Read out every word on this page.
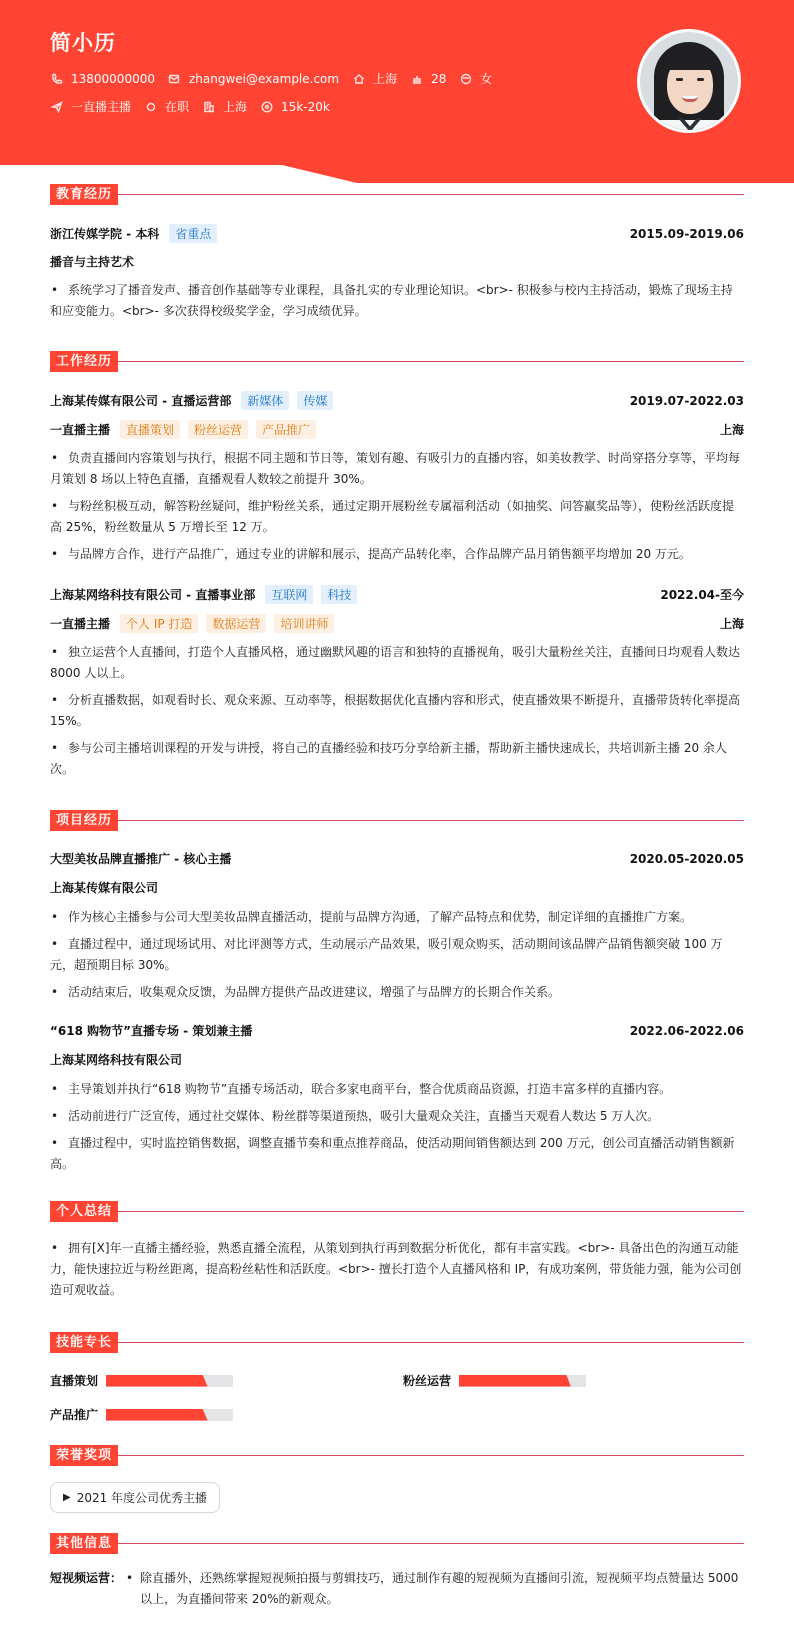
简小历
13800000000	zhangwei@example.com	上海	28	女
一直播主播	在职	上海	15k-20k
教育经历
浙江传媒学院 - 本科	省重点	2015.09-2019.06
播音与主持艺术
• 系统学习了播音发声、播音创作基础等专业课程，具备扎实的专业理论知识。<br>- 积极参与校内主持活动，锻炼了现场主持和应变能力。<br>- 多次获得校级奖学金，学习成绩优异。
工作经历
上海某传媒有限公司 - 直播运营部	新媒体	传媒	2019.07-2022.03
一直播主播	直播策划	粉丝运营	产品推广	上海
• 负责直播间内容策划与执行，根据不同主题和节日等，策划有趣、有吸引力的直播内容，如美妆教学、时尚穿搭分享等，平均每月策划 8 场以上特色直播，直播观看人数较之前提升 30%。
• 与粉丝积极互动，解答粉丝疑问，维护粉丝关系，通过定期开展粉丝专属福利活动（如抽奖、问答赢奖品等），使粉丝活跃度提高 25%，粉丝数量从 5 万增长至 12 万。
• 与品牌方合作，进行产品推广，通过专业的讲解和展示，提高产品转化率，合作品牌产品月销售额平均增加 20 万元。
上海某网络科技有限公司 - 直播事业部	互联网	科技	2022.04-至今
一直播主播	个人 IP 打造	数据运营	培训讲师	上海
• 独立运营个人直播间，打造个人直播风格，通过幽默风趣的语言和独特的直播视角，吸引大量粉丝关注，直播间日均观看人数达 8000 人以上。
• 分析直播数据，如观看时长、观众来源、互动率等，根据数据优化直播内容和形式，使直播效果不断提升，直播带货转化率提高 15%。
• 参与公司主播培训课程的开发与讲授，将自己的直播经验和技巧分享给新主播，帮助新主播快速成长，共培训新主播 20 余人次。
项目经历
大型美妆品牌直播推广 - 核心主播	2020.05-2020.05
上海某传媒有限公司
• 作为核心主播参与公司大型美妆品牌直播活动，提前与品牌方沟通，了解产品特点和优势，制定详细的直播推广方案。
• 直播过程中，通过现场试用、对比评测等方式，生动展示产品效果，吸引观众购买，活动期间该品牌产品销售额突破 100 万元，超预期目标 30%。
• 活动结束后，收集观众反馈，为品牌方提供产品改进建议，增强了与品牌方的长期合作关系。
“618 购物节”直播专场 - 策划兼主播	2022.06-2022.06
上海某网络科技有限公司
• 主导策划并执行“618 购物节”直播专场活动，联合多家电商平台，整合优质商品资源，打造丰富多样的直播内容。
• 活动前进行广泛宣传，通过社交媒体、粉丝群等渠道预热，吸引大量观众关注，直播当天观看人数达 5 万人次。
• 直播过程中，实时监控销售数据，调整直播节奏和重点推荐商品，使活动期间销售额达到 200 万元，创公司直播活动销售额新高。
个人总结
• 拥有[X]年一直播主播经验，熟悉直播全流程，从策划到执行再到数据分析优化，都有丰富实践。<br>- 具备出色的沟通互动能力，能快速拉近与粉丝距离，提高粉丝粘性和活跃度。<br>- 擅长打造个人直播风格和 IP，有成功案例，带货能力强，能为公司创造可观收益。
技能专长
直播策划	粉丝运营
产品推广
荣誉奖项
▶ 2021 年度公司优秀主播
其他信息
短视频运营： • 除直播外，还熟练掌握短视频拍摄与剪辑技巧，通过制作有趣的短视频为直播间引流，短视频平均点赞量达 5000 以上，为直播间带来 20%的新观众。
